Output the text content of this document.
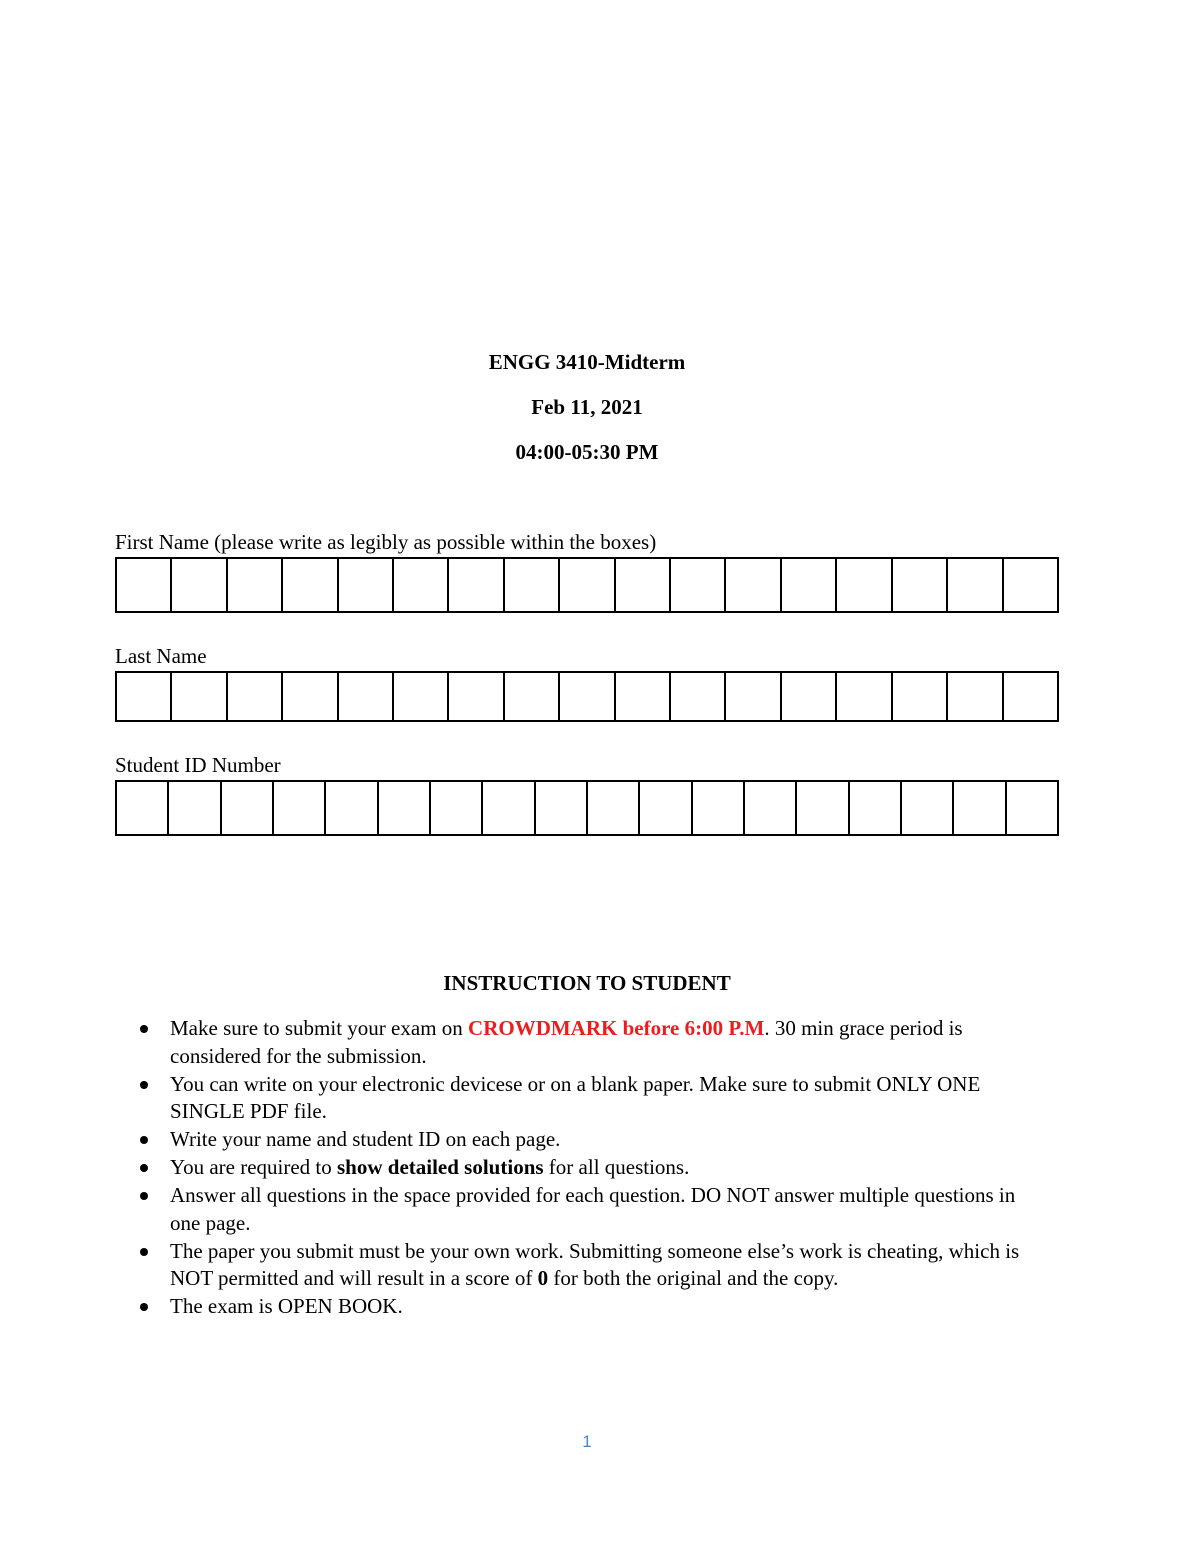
ENGG 3410-Midterm
Feb 11, 2021
04:00-05:30 PM
First Name (please write as legibly as possible within the boxes)
Last Name
Student ID Number
INSTRUCTION TO STUDENT
Make sure to submit your exam on CROWDMARK before 6:00 P.M. 30 min grace period is considered for the submission.
You can write on your electronic devicese or on a blank paper. Make sure to submit ONLY ONE SINGLE PDF file.
Write your name and student ID on each page.
You are required to show detailed solutions for all questions.
Answer all questions in the space provided for each question. DO NOT answer multiple questions in one page.
The paper you submit must be your own work. Submitting someone else’s work is cheating, which is NOT permitted and will result in a score of 0 for both the original and the copy.
The exam is OPEN BOOK.
1
